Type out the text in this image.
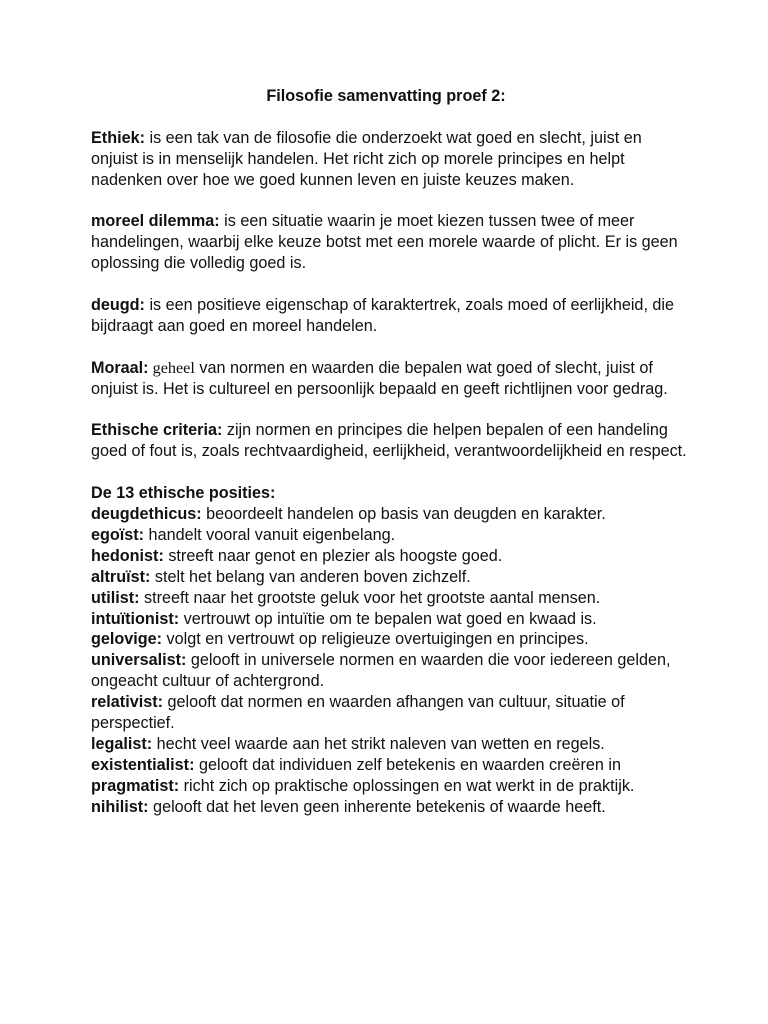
Filosofie samenvatting proef 2:

Ethiek: is een tak van de filosofie die onderzoekt wat goed en slecht, juist en onjuist is in menselijk handelen. Het richt zich op morele principes en helpt nadenken over hoe we goed kunnen leven en juiste keuzes maken.

moreel dilemma: is een situatie waarin je moet kiezen tussen twee of meer handelingen, waarbij elke keuze botst met een morele waarde of plicht. Er is geen oplossing die volledig goed is.

deugd: is een positieve eigenschap of karaktertrek, zoals moed of eerlijkheid, die bijdraagt aan goed en moreel handelen.

Moraal: geheel van normen en waarden die bepalen wat goed of slecht, juist of onjuist is. Het is cultureel en persoonlijk bepaald en geeft richtlijnen voor gedrag.

Ethische criteria: zijn normen en principes die helpen bepalen of een handeling goed of fout is, zoals rechtvaardigheid, eerlijkheid, verantwoordelijkheid en respect.

De 13 ethische posities:

deugdethicus: beoordeelt handelen op basis van deugden en karakter.

egoïst: handelt vooral vanuit eigenbelang.

hedonist: streeft naar genot en plezier als hoogste goed.

altruïst: stelt het belang van anderen boven zichzelf.

utilist: streeft naar het grootste geluk voor het grootste aantal mensen.

intuïtionist: vertrouwt op intuïtie om te bepalen wat goed en kwaad is.

gelovige: volgt en vertrouwt op religieuze overtuigingen en principes.

universalist: gelooft in universele normen en waarden die voor iedereen gelden, ongeacht cultuur of achtergrond.

relativist: gelooft dat normen en waarden afhangen van cultuur, situatie of perspectief.

legalist: hecht veel waarde aan het strikt naleven van wetten en regels.

existentialist: gelooft dat individuen zelf betekenis en waarden creëren in

pragmatist: richt zich op praktische oplossingen en wat werkt in de praktijk.

nihilist: gelooft dat het leven geen inherente betekenis of waarde heeft.
